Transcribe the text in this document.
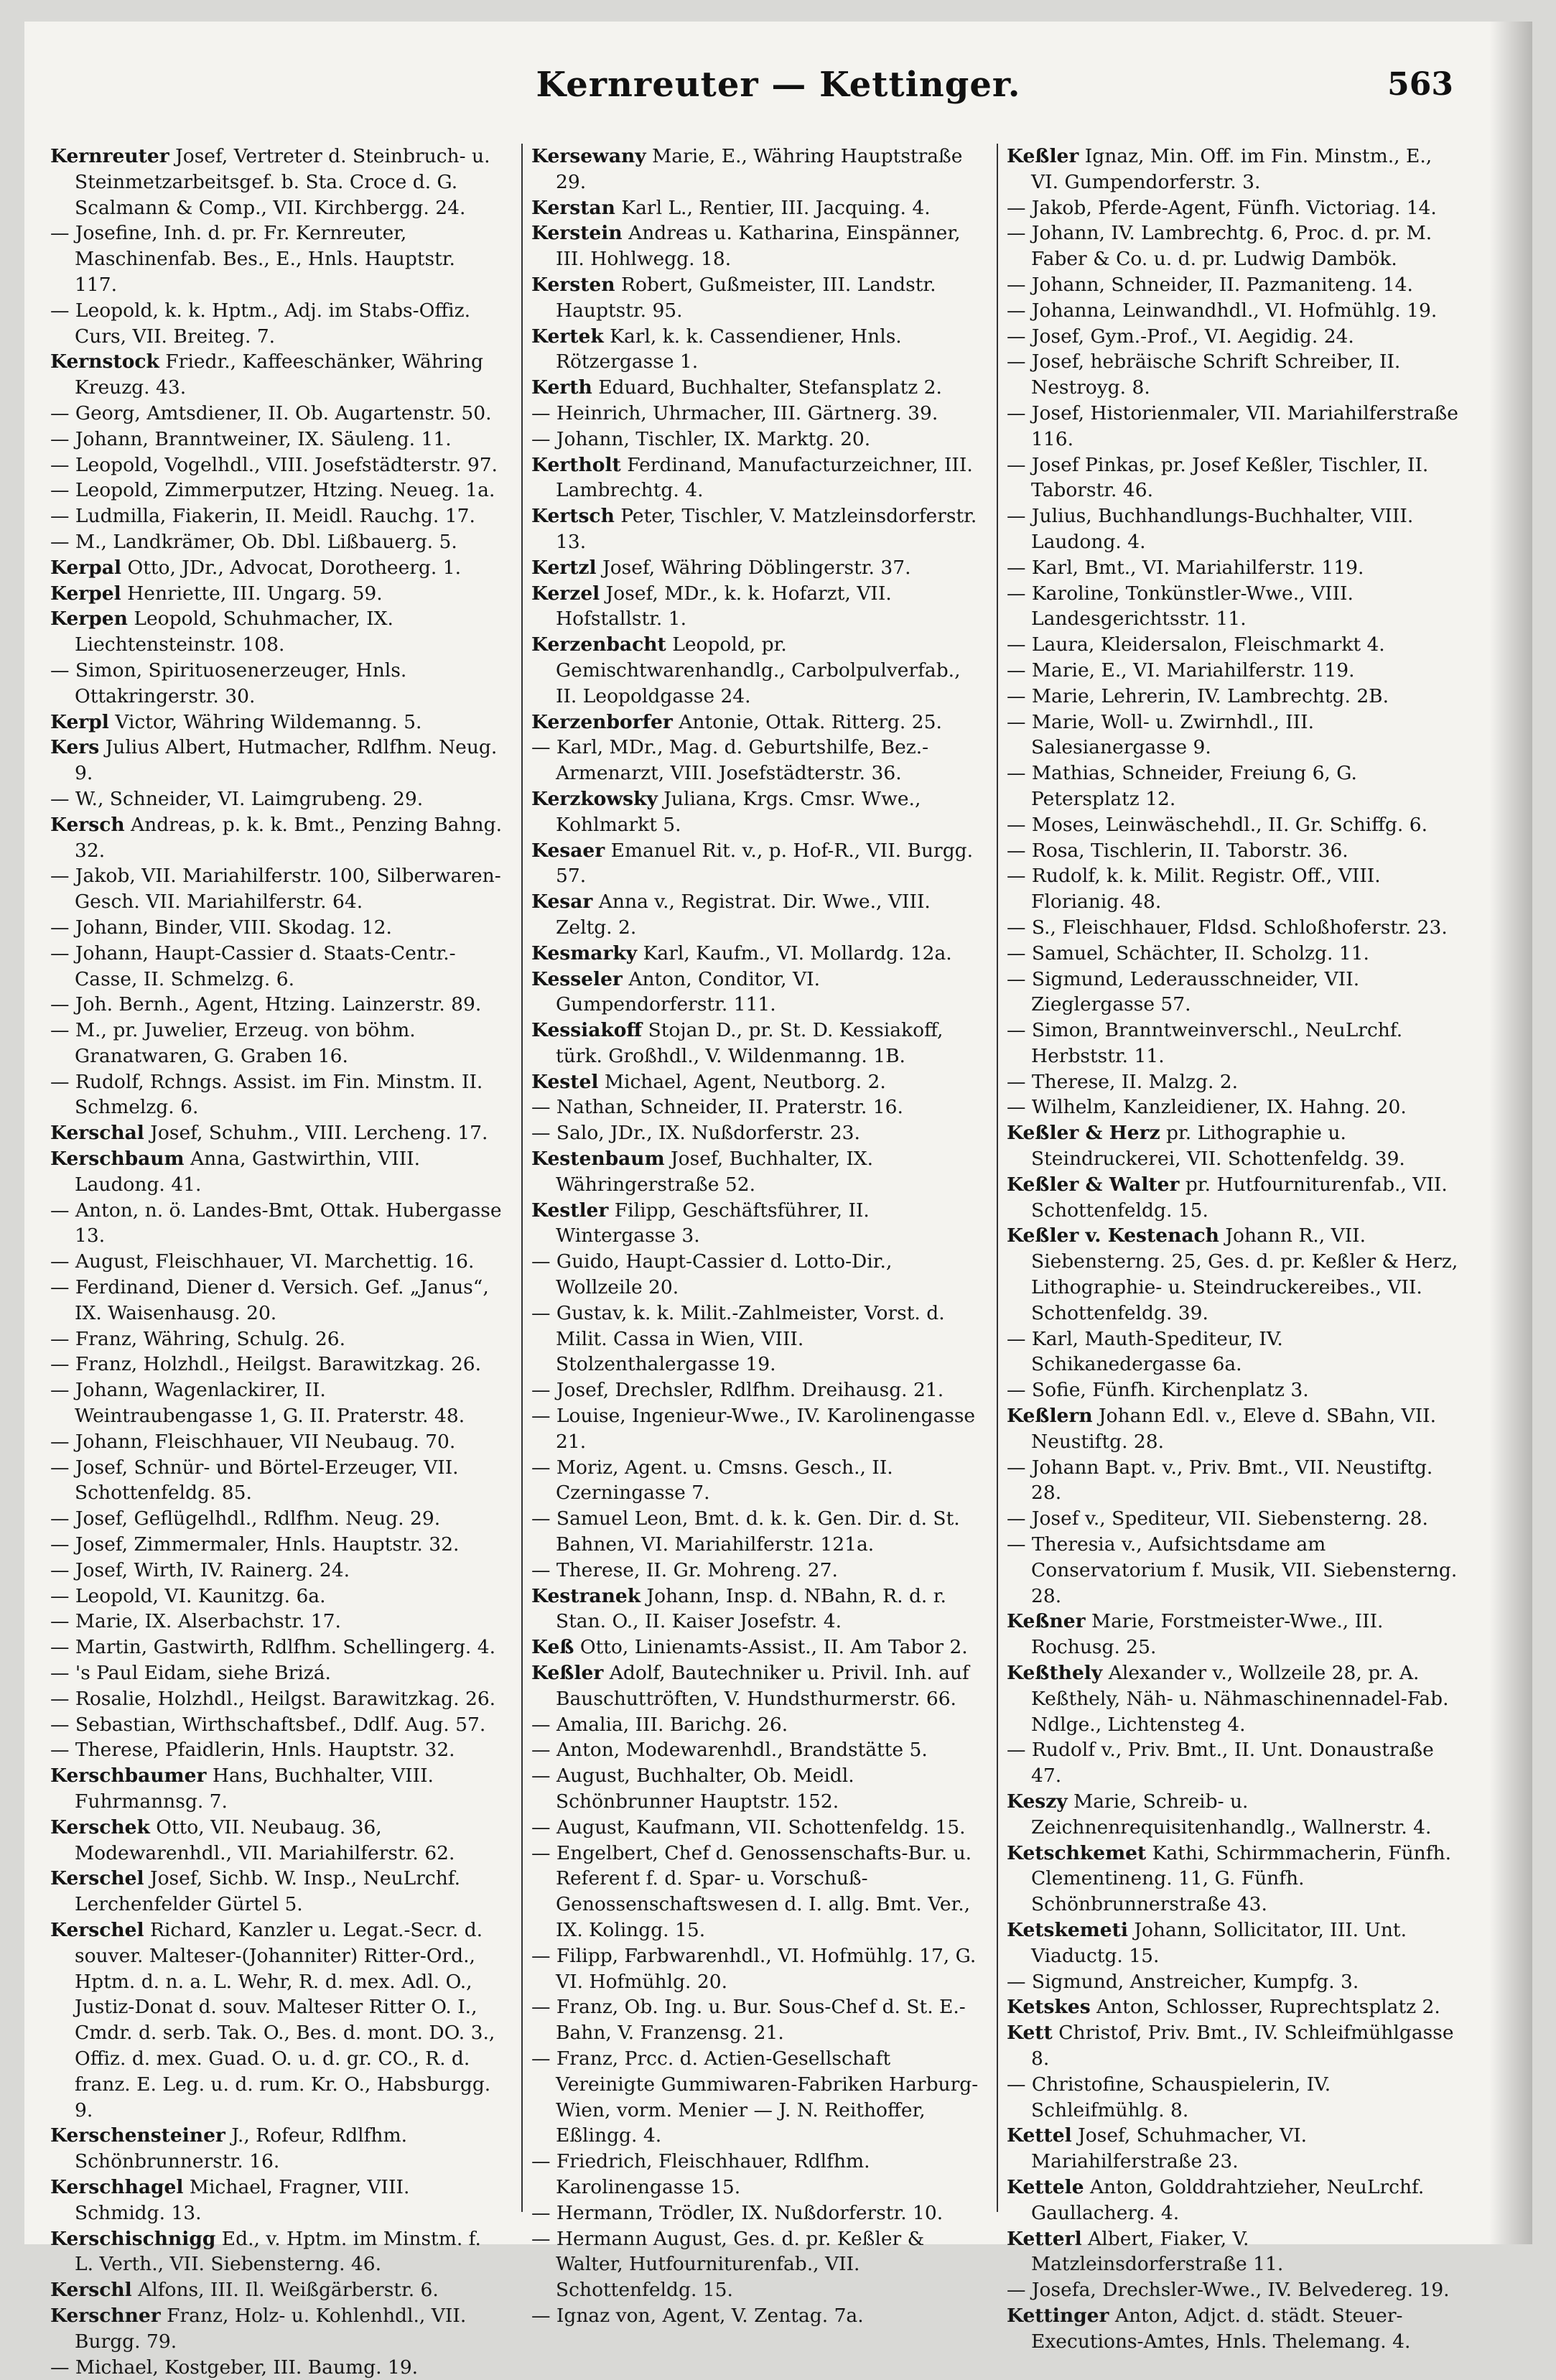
Kernreuter — Kettinger.	563
Kernreuter Josef, Vertreter d. Steinbruch- u. Steinmetzarbeitsgef. b. Sta. Croce d. G. Scalmann & Comp., VII. Kirchbergg. 24.
— Josefine, Inh. d. pr. Fr. Kernreuter, Maschinenfab. Bes., E., Hnls. Hauptstr. 117.
— Leopold, k. k. Hptm., Adj. im Stabs-Offiz. Curs, VII. Breiteg. 7.
Kernstock Friedr., Kaffeeschänker, Währing Kreuzg. 43.
— Georg, Amtsdiener, II. Ob. Augartenstr. 50.
— Johann, Branntweiner, IX. Säuleng. 11.
— Leopold, Vogelhdl., VIII. Josefstädterstr. 97.
— Leopold, Zimmerputzer, Htzing. Neueg. 1a.
— Ludmilla, Fiakerin, II. Meidl. Rauchg. 17.
— M., Landkrämer, Ob. Dbl. Lißbauerg. 5.
Kerpal Otto, JDr., Advocat, Dorotheerg. 1.
Kerpel Henriette, III. Ungarg. 59.
Kerpen Leopold, Schuhmacher, IX. Liechtensteinstr. 108.
— Simon, Spirituosenerzeuger, Hnls. Ottakringerstr. 30.
Kerpl Victor, Währing Wildemanng. 5.
Kers Julius Albert, Hutmacher, Rdlfhm. Neug. 9.
— W., Schneider, VI. Laimgrubeng. 29.
Kersch Andreas, p. k. k. Bmt., Penzing Bahng. 32.
— Jakob, VII. Mariahilferstr. 100, Silberwaren-Gesch. VII. Mariahilferstr. 64.
— Johann, Binder, VIII. Skodag. 12.
— Johann, Haupt-Cassier d. Staats-Centr.-Casse, II. Schmelzg. 6.
— Joh. Bernh., Agent, Htzing. Lainzerstr. 89.
— M., pr. Juwelier, Erzeug. von böhm. Granatwaren, G. Graben 16.
— Rudolf, Rchngs. Assist. im Fin. Minstm. II. Schmelzg. 6.
Kerschal Josef, Schuhm., VIII. Lercheng. 17.
Kerschbaum Anna, Gastwirthin, VIII. Laudong. 41.
— Anton, n. ö. Landes-Bmt, Ottak. Hubergasse 13.
— August, Fleischhauer, VI. Marchettig. 16.
— Ferdinand, Diener d. Versich. Gef. „Janus“, IX. Waisenhausg. 20.
— Franz, Währing, Schulg. 26.
— Franz, Holzhdl., Heilgst. Barawitzkag. 26.
— Johann, Wagenlackirer, II. Weintraubengasse 1, G. II. Praterstr. 48.
— Johann, Fleischhauer, VII Neubaug. 70.
— Josef, Schnür- und Börtel-Erzeuger, VII. Schottenfeldg. 85.
— Josef, Geflügelhdl., Rdlfhm. Neug. 29.
— Josef, Zimmermaler, Hnls. Hauptstr. 32.
— Josef, Wirth, IV. Rainerg. 24.
— Leopold, VI. Kaunitzg. 6a.
— Marie, IX. Alserbachstr. 17.
— Martin, Gastwirth, Rdlfhm. Schellingerg. 4.
— 's Paul Eidam, siehe Brizá.
— Rosalie, Holzhdl., Heilgst. Barawitzkag. 26.
— Sebastian, Wirthschaftsbef., Ddlf. Aug. 57.
— Therese, Pfaidlerin, Hnls. Hauptstr. 32.
Kerschbaumer Hans, Buchhalter, VIII. Fuhrmannsg. 7.
Kerschek Otto, VII. Neubaug. 36, Modewarenhdl., VII. Mariahilferstr. 62.
Kerschel Josef, Sichb. W. Insp., NeuLrchf. Lerchenfelder Gürtel 5.
Kerschel Richard, Kanzler u. Legat.-Secr. d. souver. Malteser-(Johanniter) Ritter-Ord., Hptm. d. n. a. L. Wehr, R. d. mex. Adl. O., Justiz-Donat d. souv. Malteser Ritter O. I., Cmdr. d. serb. Tak. O., Bes. d. mont. DO. 3., Offiz. d. mex. Guad. O. u. d. gr. CO., R. d. franz. E. Leg. u. d. rum. Kr. O., Habsburgg. 9.
Kerschensteiner J., Rofeur, Rdlfhm. Schönbrunnerstr. 16.
Kerschhagel Michael, Fragner, VIII. Schmidg. 13.
Kerschischnigg Ed., v. Hptm. im Minstm. f. L. Verth., VII. Siebensterng. 46.
Kerschl Alfons, III. Il. Weißgärberstr. 6.
Kerschner Franz, Holz- u. Kohlenhdl., VII. Burgg. 79.
— Michael, Kostgeber, III. Baumg. 19.
Kersewany Marie, E., Währing Hauptstraße 29.
Kerstan Karl L., Rentier, III. Jacquing. 4.
Kerstein Andreas u. Katharina, Einspänner, III. Hohlwegg. 18.
Kersten Robert, Gußmeister, III. Landstr. Hauptstr. 95.
Kertek Karl, k. k. Cassendiener, Hnls. Rötzergasse 1.
Kerth Eduard, Buchhalter, Stefansplatz 2.
— Heinrich, Uhrmacher, III. Gärtnerg. 39.
— Johann, Tischler, IX. Marktg. 20.
Kertholt Ferdinand, Manufacturzeichner, III. Lambrechtg. 4.
Kertsch Peter, Tischler, V. Matzleinsdorferstr. 13.
Kertzl Josef, Währing Döblingerstr. 37.
Kerzel Josef, MDr., k. k. Hofarzt, VII. Hofstallstr. 1.
Kerzenbacht Leopold, pr. Gemischtwarenhandlg., Carbolpulverfab., II. Leopoldgasse 24.
Kerzenborfer Antonie, Ottak. Ritterg. 25.
— Karl, MDr., Mag. d. Geburtshilfe, Bez.-Armenarzt, VIII. Josefstädterstr. 36.
Kerzkowsky Juliana, Krgs. Cmsr. Wwe., Kohlmarkt 5.
Kesaer Emanuel Rit. v., p. Hof-R., VII. Burgg. 57.
Kesar Anna v., Registrat. Dir. Wwe., VIII. Zeltg. 2.
Kesmarky Karl, Kaufm., VI. Mollardg. 12a.
Kesseler Anton, Conditor, VI. Gumpendorferstr. 111.
Kessiakoff Stojan D., pr. St. D. Kessiakoff, türk. Großhdl., V. Wildenmanng. 1B.
Kestel Michael, Agent, Neutborg. 2.
— Nathan, Schneider, II. Praterstr. 16.
— Salo, JDr., IX. Nußdorferstr. 23.
Kestenbaum Josef, Buchhalter, IX. Währingerstraße 52.
Kestler Filipp, Geschäftsführer, II. Wintergasse 3.
— Guido, Haupt-Cassier d. Lotto-Dir., Wollzeile 20.
— Gustav, k. k. Milit.-Zahlmeister, Vorst. d. Milit. Cassa in Wien, VIII. Stolzenthalergasse 19.
— Josef, Drechsler, Rdlfhm. Dreihausg. 21.
— Louise, Ingenieur-Wwe., IV. Karolinengasse 21.
— Moriz, Agent. u. Cmsns. Gesch., II. Czerningasse 7.
— Samuel Leon, Bmt. d. k. k. Gen. Dir. d. St. Bahnen, VI. Mariahilferstr. 121a.
— Therese, II. Gr. Mohreng. 27.
Kestranek Johann, Insp. d. NBahn, R. d. r. Stan. O., II. Kaiser Josefstr. 4.
Keß Otto, Linienamts-Assist., II. Am Tabor 2.
Keßler Adolf, Bautechniker u. Privil. Inh. auf Bauschuttröften, V. Hundsthurmerstr. 66.
— Amalia, III. Barichg. 26.
— Anton, Modewarenhdl., Brandstätte 5.
— August, Buchhalter, Ob. Meidl. Schönbrunner Hauptstr. 152.
— August, Kaufmann, VII. Schottenfeldg. 15.
— Engelbert, Chef d. Genossenschafts-Bur. u. Referent f. d. Spar- u. Vorschuß-Genossenschaftswesen d. I. allg. Bmt. Ver., IX. Kolingg. 15.
— Filipp, Farbwarenhdl., VI. Hofmühlg. 17, G. VI. Hofmühlg. 20.
— Franz, Ob. Ing. u. Bur. Sous-Chef d. St. E.-Bahn, V. Franzensg. 21.
— Franz, Prcc. d. Actien-Gesellschaft Vereinigte Gummiwaren-Fabriken Harburg-Wien, vorm. Menier — J. N. Reithoffer, Eßlingg. 4.
— Friedrich, Fleischhauer, Rdlfhm. Karolinengasse 15.
— Hermann, Trödler, IX. Nußdorferstr. 10.
— Hermann August, Ges. d. pr. Keßler & Walter, Hutfourniturenfab., VII. Schottenfeldg. 15.
— Ignaz von, Agent, V. Zentag. 7a.
Keßler Ignaz, Min. Off. im Fin. Minstm., E., VI. Gumpendorferstr. 3.
— Jakob, Pferde-Agent, Fünfh. Victoriag. 14.
— Johann, IV. Lambrechtg. 6, Proc. d. pr. M. Faber & Co. u. d. pr. Ludwig Dambök.
— Johann, Schneider, II. Pazmaniteng. 14.
— Johanna, Leinwandhdl., VI. Hofmühlg. 19.
— Josef, Gym.-Prof., VI. Aegidig. 24.
— Josef, hebräische Schrift Schreiber, II. Nestroyg. 8.
— Josef, Historienmaler, VII. Mariahilferstraße 116.
— Josef Pinkas, pr. Josef Keßler, Tischler, II. Taborstr. 46.
— Julius, Buchhandlungs-Buchhalter, VIII. Laudong. 4.
— Karl, Bmt., VI. Mariahilferstr. 119.
— Karoline, Tonkünstler-Wwe., VIII. Landesgerichtsstr. 11.
— Laura, Kleidersalon, Fleischmarkt 4.
— Marie, E., VI. Mariahilferstr. 119.
— Marie, Lehrerin, IV. Lambrechtg. 2B.
— Marie, Woll- u. Zwirnhdl., III. Salesianergasse 9.
— Mathias, Schneider, Freiung 6, G. Petersplatz 12.
— Moses, Leinwäschehdl., II. Gr. Schiffg. 6.
— Rosa, Tischlerin, II. Taborstr. 36.
— Rudolf, k. k. Milit. Registr. Off., VIII. Florianig. 48.
— S., Fleischhauer, Fldsd. Schloßhoferstr. 23.
— Samuel, Schächter, II. Scholzg. 11.
— Sigmund, Lederausschneider, VII. Zieglergasse 57.
— Simon, Branntweinverschl., NeuLrchf. Herbststr. 11.
— Therese, II. Malzg. 2.
— Wilhelm, Kanzleidiener, IX. Hahng. 20.
Keßler & Herz pr. Lithographie u. Steindruckerei, VII. Schottenfeldg. 39.
Keßler & Walter pr. Hutfourniturenfab., VII. Schottenfeldg. 15.
Keßler v. Kestenach Johann R., VII. Siebensterng. 25, Ges. d. pr. Keßler & Herz, Lithographie- u. Steindruckereibes., VII. Schottenfeldg. 39.
— Karl, Mauth-Spediteur, IV. Schikanedergasse 6a.
— Sofie, Fünfh. Kirchenplatz 3.
Keßlern Johann Edl. v., Eleve d. SBahn, VII. Neustiftg. 28.
— Johann Bapt. v., Priv. Bmt., VII. Neustiftg. 28.
— Josef v., Spediteur, VII. Siebensterng. 28.
— Theresia v., Aufsichtsdame am Conservatorium f. Musik, VII. Siebensterng. 28.
Keßner Marie, Forstmeister-Wwe., III. Rochusg. 25.
Keßthely Alexander v., Wollzeile 28, pr. A. Keßthely, Näh- u. Nähmaschinennadel-Fab. Ndlge., Lichtensteg 4.
— Rudolf v., Priv. Bmt., II. Unt. Donaustraße 47.
Keszy Marie, Schreib- u. Zeichnenrequisitenhandlg., Wallnerstr. 4.
Ketschkemet Kathi, Schirmmacherin, Fünfh. Clementineng. 11, G. Fünfh. Schönbrunnerstraße 43.
Ketskemeti Johann, Sollicitator, III. Unt. Viaductg. 15.
— Sigmund, Anstreicher, Kumpfg. 3.
Ketskes Anton, Schlosser, Ruprechtsplatz 2.
Kett Christof, Priv. Bmt., IV. Schleifmühlgasse 8.
— Christofine, Schauspielerin, IV. Schleifmühlg. 8.
Kettel Josef, Schuhmacher, VI. Mariahilferstraße 23.
Kettele Anton, Golddrahtzieher, NeuLrchf. Gaullacherg. 4.
Ketterl Albert, Fiaker, V. Matzleinsdorferstraße 11.
— Josefa, Drechsler-Wwe., IV. Belvedereg. 19.
Kettinger Anton, Adjct. d. städt. Steuer-Executions-Amtes, Hnls. Thelemang. 4.
